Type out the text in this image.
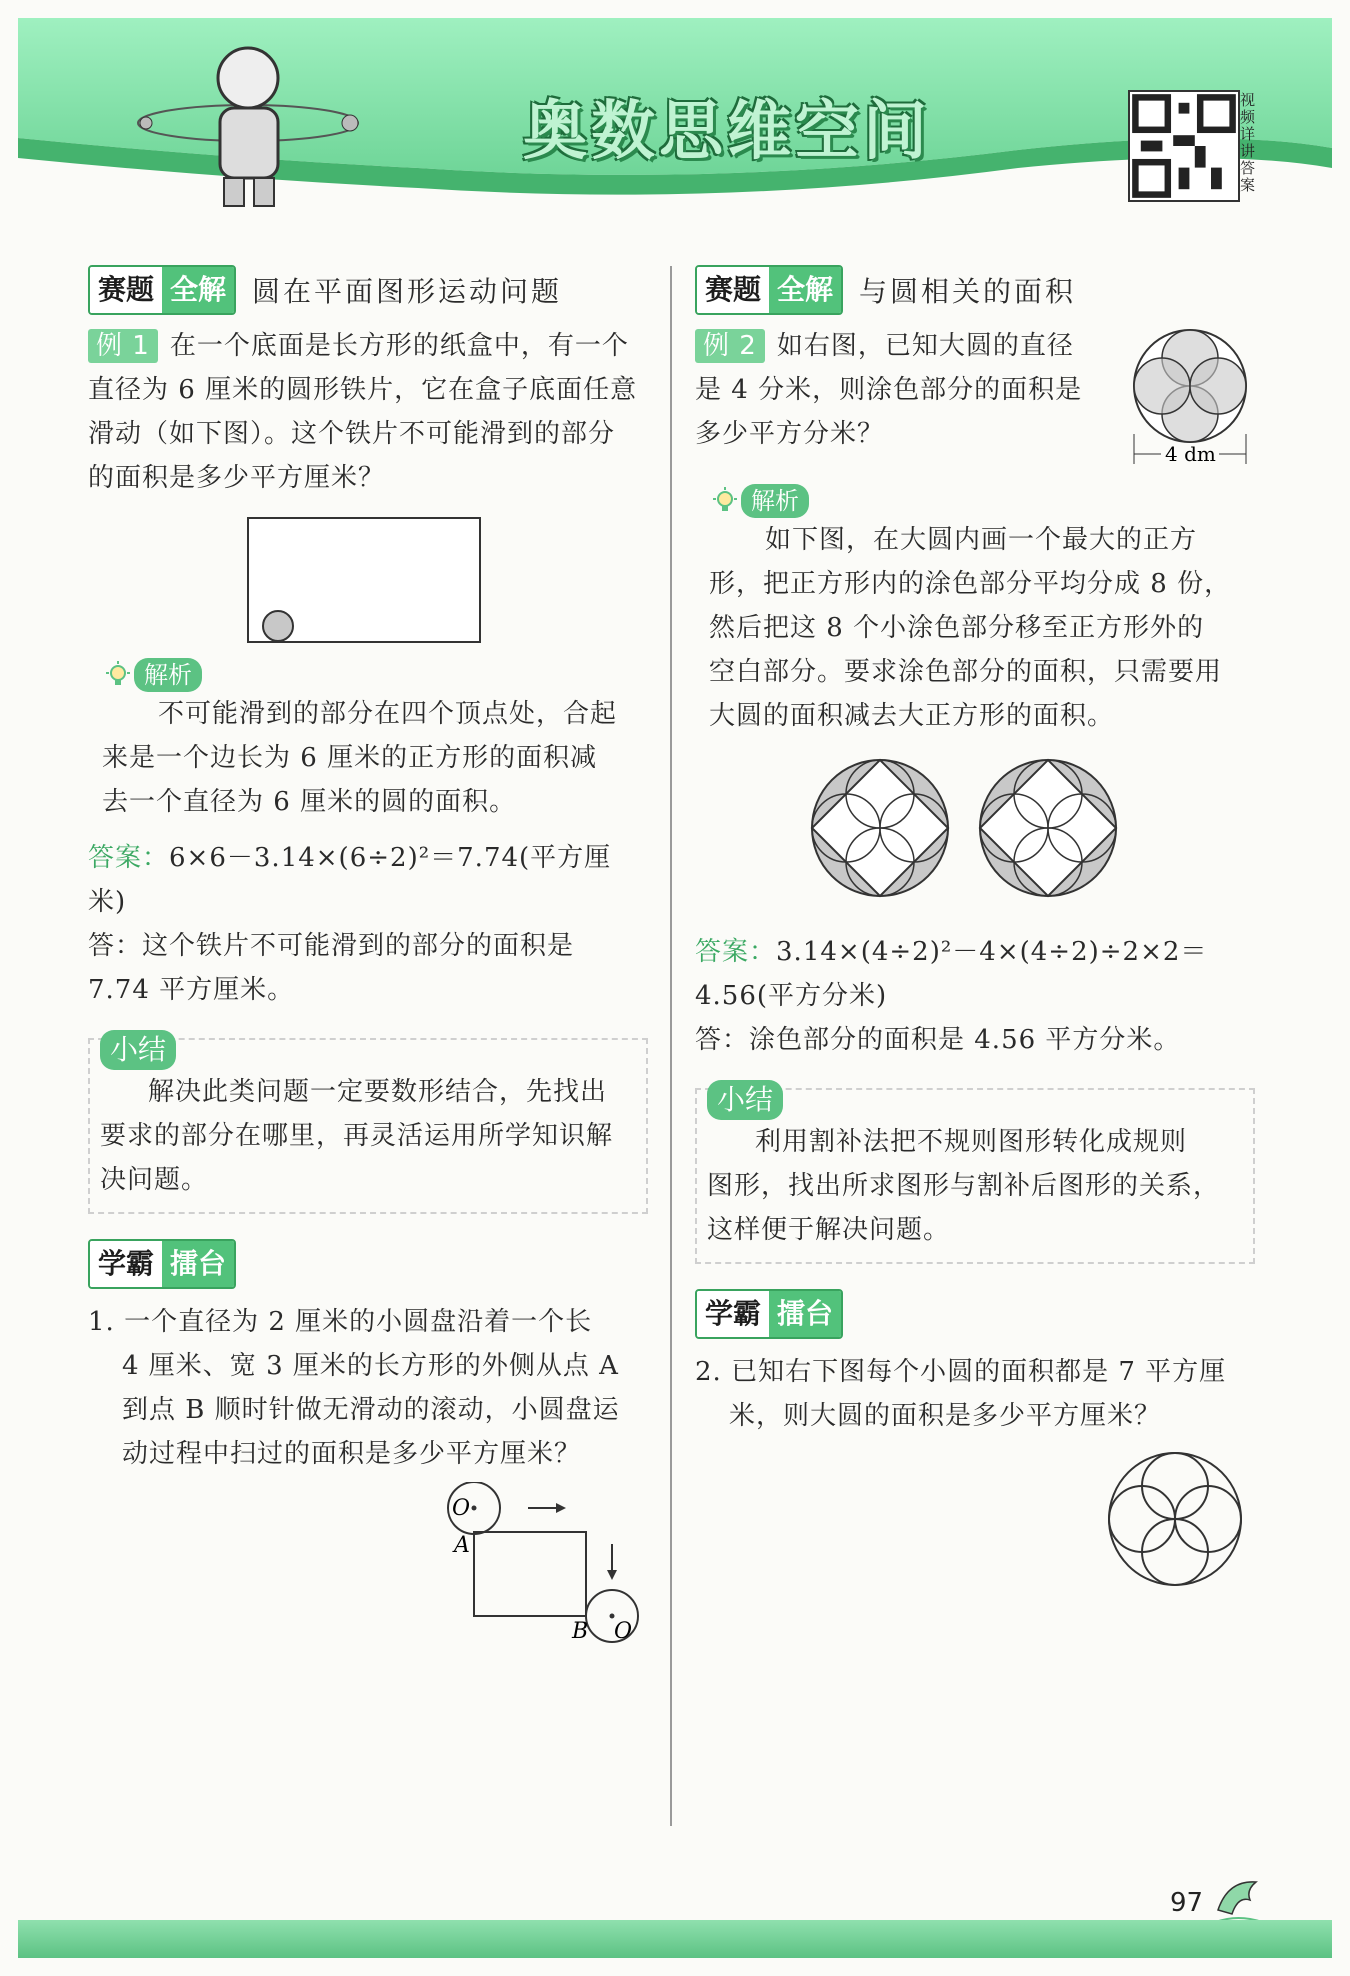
奥数思维空间	视频详讲答案
赛题 全解 圆在平面图形运动问题

例 1 在一个底面是长方形的纸盒中，有一个

直径为 6 厘米的圆形铁片，它在盒子底面任意

滑动（如下图）。这个铁片不可能滑到的部分

的面积是多少平方厘米？

解析

不可能滑到的部分在四个顶点处，合起

来是一个边长为 6 厘米的正方形的面积减

去一个直径为 6 厘米的圆的面积。

答案：6×6－3.14×(6÷2)²＝7.74(平方厘米)

答：这个铁片不可能滑到的部分的面积是

7.74 平方厘米。

小结

解决此类问题一定要数形结合，先找出

要求的部分在哪里，再灵活运用所学知识解

决问题。

学霸 擂台

1. 一个直径为 2 厘米的小圆盘沿着一个长

4 厘米、宽 3 厘米的长方形的外侧从点 A

到点 B 顺时针做无滑动的滚动，小圆盘运

动过程中扫过的面积是多少平方厘米？

O
A
B O
赛题 全解 与圆相关的面积

例 2 如右图，已知大圆的直径

是 4 分米，则涂色部分的面积是

多少平方分米？

4 dm
解析

如下图，在大圆内画一个最大的正方

形，把正方形内的涂色部分平均分成 8 份，

然后把这 8 个小涂色部分移至正方形外的

空白部分。要求涂色部分的面积，只需要用

大圆的面积减去大正方形的面积。

答案：3.14×(4÷2)²－4×(4÷2)÷2×2＝

4.56(平方分米)

答：涂色部分的面积是 4.56 平方分米。

小结

利用割补法把不规则图形转化成规则

图形，找出所求图形与割补后图形的关系，

这样便于解决问题。

学霸 擂台

2. 已知右下图每个小圆的面积都是 7 平方厘

米，则大圆的面积是多少平方厘米？

97
